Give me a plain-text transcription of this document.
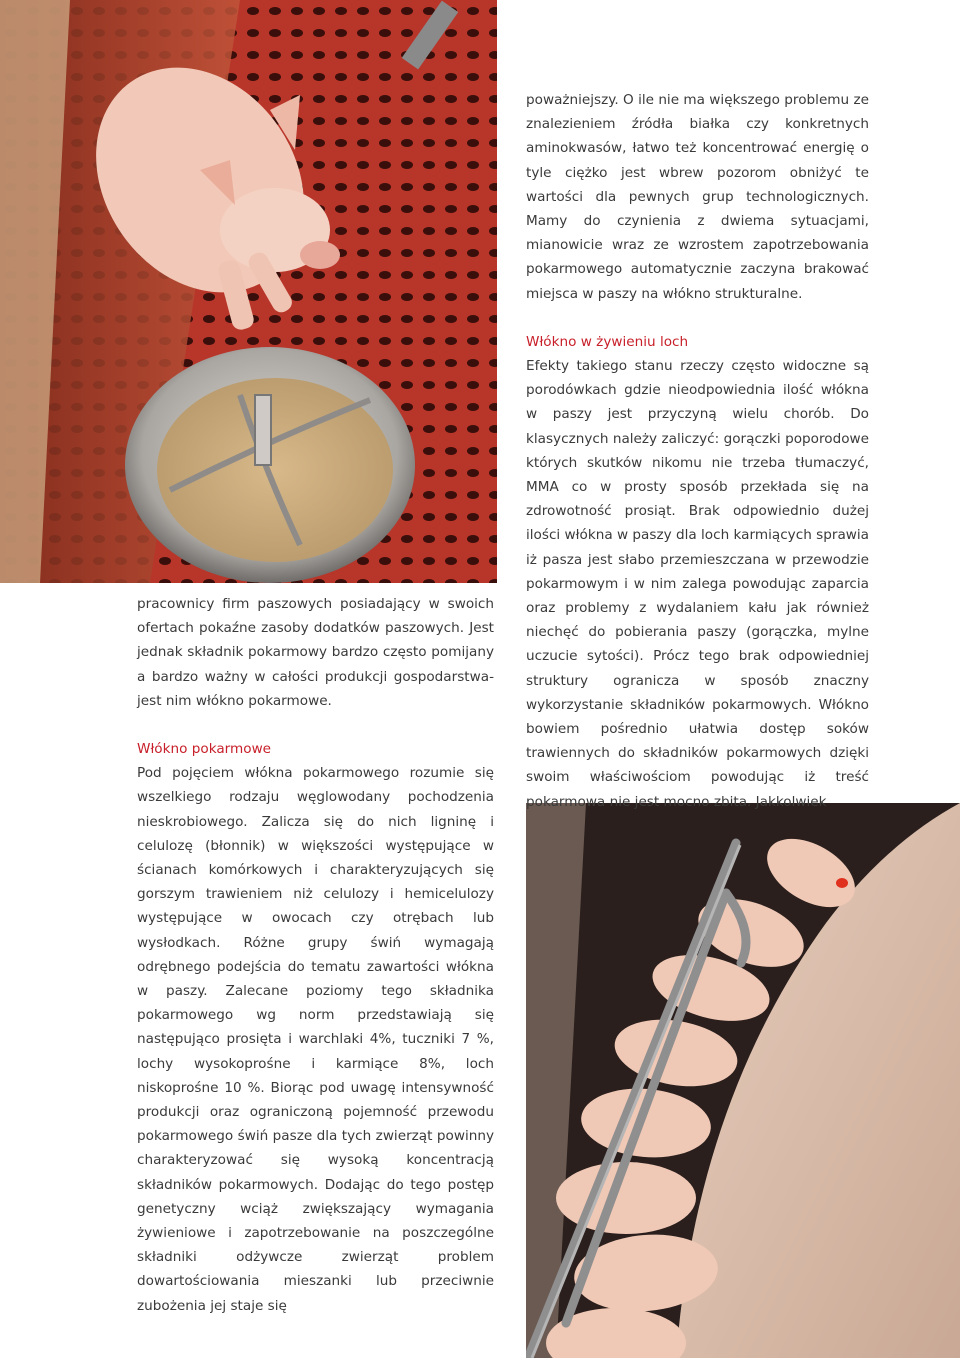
pracownicy firm paszowych posiadający w swoich ofertach pokaźne zasoby dodatków paszowych. Jest jednak składnik pokarmowy bardzo często pomijany a bardzo ważny w całości produkcji gospodarstwa- jest nim włókno pokarmowe.

Włókno pokarmowe

Pod pojęciem włókna pokarmowego rozumie się wszelkiego rodzaju węglowodany pochodzenia nieskrobiowego. Zalicza się do nich ligninę i celulozę (błonnik) w większości występujące w ścianach komórkowych i charakteryzujących się gorszym trawieniem niż celulozy i hemicelulozy występujące w owocach czy otrębach lub wysłodkach. Różne grupy świń wymagają odrębnego podejścia do tematu zawartości włókna w paszy. Zalecane poziomy tego składnika pokarmowego wg norm przedstawiają się następująco prosięta i warchlaki 4%, tuczniki 7 %, lochy wysokoprośne i karmiące 8%, loch niskoprośne 10 %. Biorąc pod uwagę intensywność produkcji oraz ograniczoną pojemność przewodu pokarmowego świń pasze dla tych zwierząt powinny charakteryzować się wysoką koncentracją składników pokarmowych. Dodając do tego postęp genetyczny wciąż zwiększający wymagania żywieniowe i zapotrzebowanie na poszczególne składniki odżywcze zwierząt problem dowartościowania mieszanki lub przeciwnie zubożenia jej staje się

poważniejszy. O ile nie ma większego problemu ze znalezieniem źródła białka czy konkretnych aminokwasów, łatwo też koncentrować energię o tyle ciężko jest wbrew pozorom obniżyć te wartości dla pewnych grup technologicznych. Mamy do czynienia z dwiema sytuacjami, mianowicie wraz ze wzrostem zapotrzebowania pokarmowego automatycznie zaczyna brakować miejsca w paszy na włókno strukturalne.

Włókno w żywieniu loch

Efekty takiego stanu rzeczy często widoczne są porodówkach gdzie nieodpowiednia ilość włókna w paszy jest przyczyną wielu chorób. Do klasycznych należy zaliczyć: gorączki poporodowe których skutków nikomu nie trzeba tłumaczyć, MMA co w prosty sposób przekłada się na zdrowotność prosiąt. Brak odpowiednio dużej ilości włókna w paszy dla loch karmiących sprawia iż pasza jest słabo przemieszczana w przewodzie pokarmowym i w nim zalega powodując zaparcia oraz problemy z wydalaniem kału jak również niechęć do pobierania paszy (gorączka, mylne uczucie sytości). Prócz tego brak odpowiedniej struktury ogranicza w sposób znaczny wykorzystanie składników pokarmowych. Włókno bowiem pośrednio ułatwia dostęp soków trawiennych do składników pokarmowych dzięki swoim właściwościom powodując iż treść pokarmowa nie jest mocno zbita. Jakkolwiek
